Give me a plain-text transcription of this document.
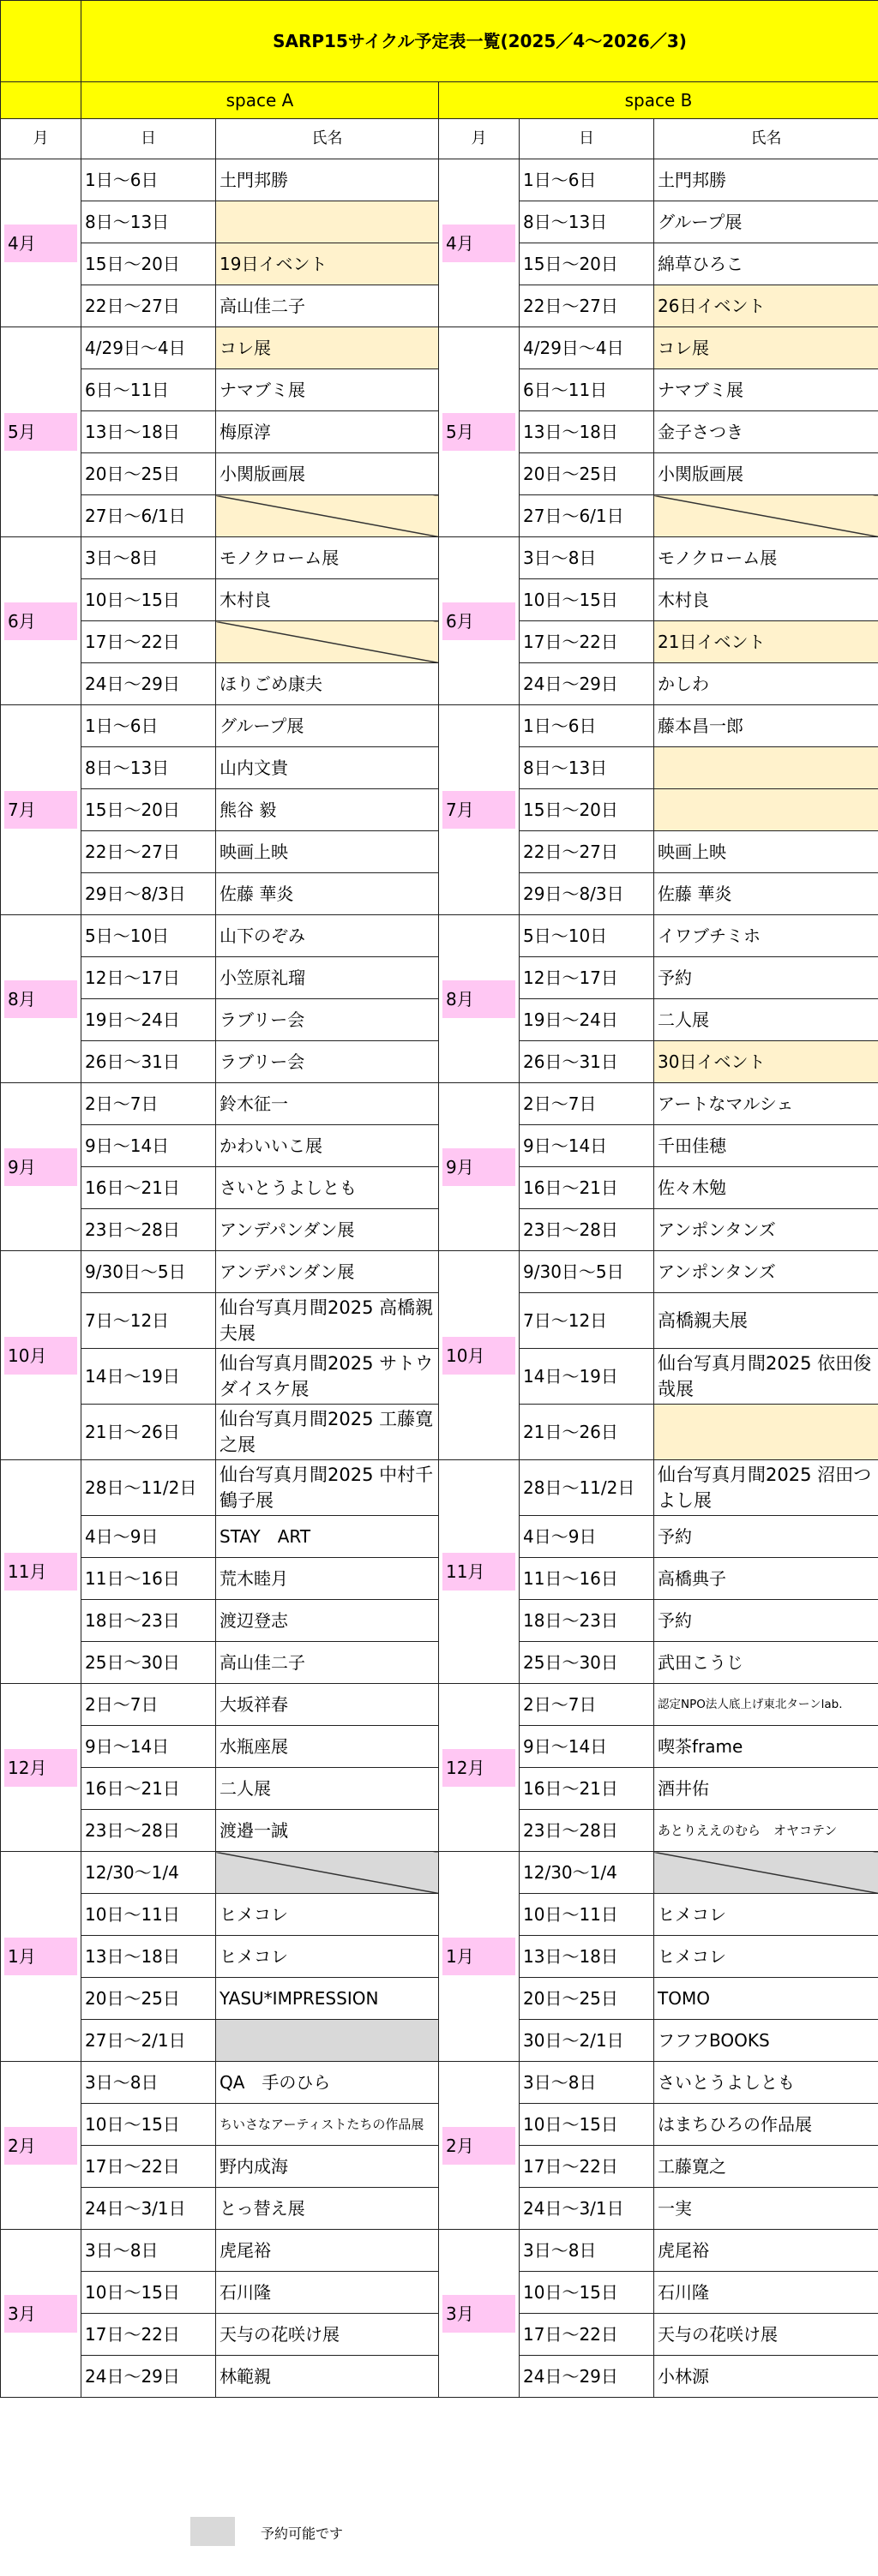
	SARP15サイクル予定表一覧(2025／4～2026／3)				
	space A		space B		
月	日	氏名	月	日	氏名

4月	1日～6日	土門邦勝	4月	1日～6日	土門邦勝
	8日～13日			8日～13日	グループ展
	15日～20日	19日イベント		15日～20日	綿草ひろこ
	22日～27日	高山佳二子		22日～27日	26日イベント

5月	4/29日～4日	コレ展	5月	4/29日～4日	コレ展
	6日～11日	ナマブミ展		6日～11日	ナマブミ展
	13日～18日	梅原淳		13日～18日	金子さつき
	20日～25日	小関版画展		20日～25日	小関版画展
	27日～6/1日			27日～6/1日	

6月	3日～8日	モノクローム展	6月	3日～8日	モノクローム展
	10日～15日	木村良		10日～15日	木村良
	17日～22日			17日～22日	21日イベント
	24日～29日	ほりごめ康夫		24日～29日	かしわ

7月	1日～6日	グループ展	7月	1日～6日	藤本昌一郎
	8日～13日	山内文貴		8日～13日	
	15日～20日	熊谷 毅		15日～20日	
	22日～27日	映画上映		22日～27日	映画上映
	29日～8/3日	佐藤 華炎		29日～8/3日	佐藤 華炎

8月	5日～10日	山下のぞみ	8月	5日～10日	イワブチミホ
	12日～17日	小笠原礼瑠		12日～17日	予約
	19日～24日	ラブリー会		19日～24日	二人展
	26日～31日	ラブリー会		26日～31日	30日イベント

9月	2日～7日	鈴木征一	9月	2日～7日	アートなマルシェ
	9日～14日	かわいいこ展		9日～14日	千田佳穂
	16日～21日	さいとうよしとも		16日～21日	佐々木勉
	23日～28日	アンデパンダン展		23日～28日	アンポンタンズ

10月	9/30日～5日	アンデパンダン展	10月	9/30日～5日	アンポンタンズ
	7日～12日	仙台写真月間2025 高橋親夫展		7日～12日	高橋親夫展
	14日～19日	仙台写真月間2025 サトウダイスケ展		14日～19日	仙台写真月間2025 依田俊哉展
	21日～26日	仙台写真月間2025 工藤寛之展		21日～26日	

11月	28日～11/2日	仙台写真月間2025 中村千鶴子展	11月	28日～11/2日	仙台写真月間2025 沼田つよし展
	4日～9日	STAY　ART		4日～9日	予約
	11日～16日	荒木睦月		11日～16日	高橋典子
	18日～23日	渡辺登志		18日～23日	予約
	25日～30日	高山佳二子		25日～30日	武田こうじ

12月	2日～7日	大坂祥春	12月	2日～7日	認定NPO法人底上げ東北ターンlab.
	9日～14日	水瓶座展		9日～14日	喫茶frame
	16日～21日	二人展		16日～21日	酒井佑
	23日～28日	渡邉一誠		23日～28日	あとりええのむら　オヤコテン

1月	12/30～1/4		1月	12/30～1/4	
	10日～11日	ヒメコレ		10日～11日	ヒメコレ
	13日～18日	ヒメコレ		13日～18日	ヒメコレ
	20日～25日	YASU*IMPRESSION		20日～25日	TOMO
	27日～2/1日			30日～2/1日	フフフBOOKS

2月	3日～8日	QA　手のひら	2月	3日～8日	さいとうよしとも
	10日～15日	ちいさなアーティストたちの作品展		10日～15日	はまちひろの作品展
	17日～22日	野内成海		17日～22日	工藤寛之
	24日～3/1日	とっ替え展		24日～3/1日	一実

3月	3日～8日	虎尾裕	3月	3日～8日	虎尾裕
	10日～15日	石川隆		10日～15日	石川隆
	17日～22日	天与の花咲け展		17日～22日	天与の花咲け展
	24日～29日	林範親		24日～29日	小林源
予約可能です
